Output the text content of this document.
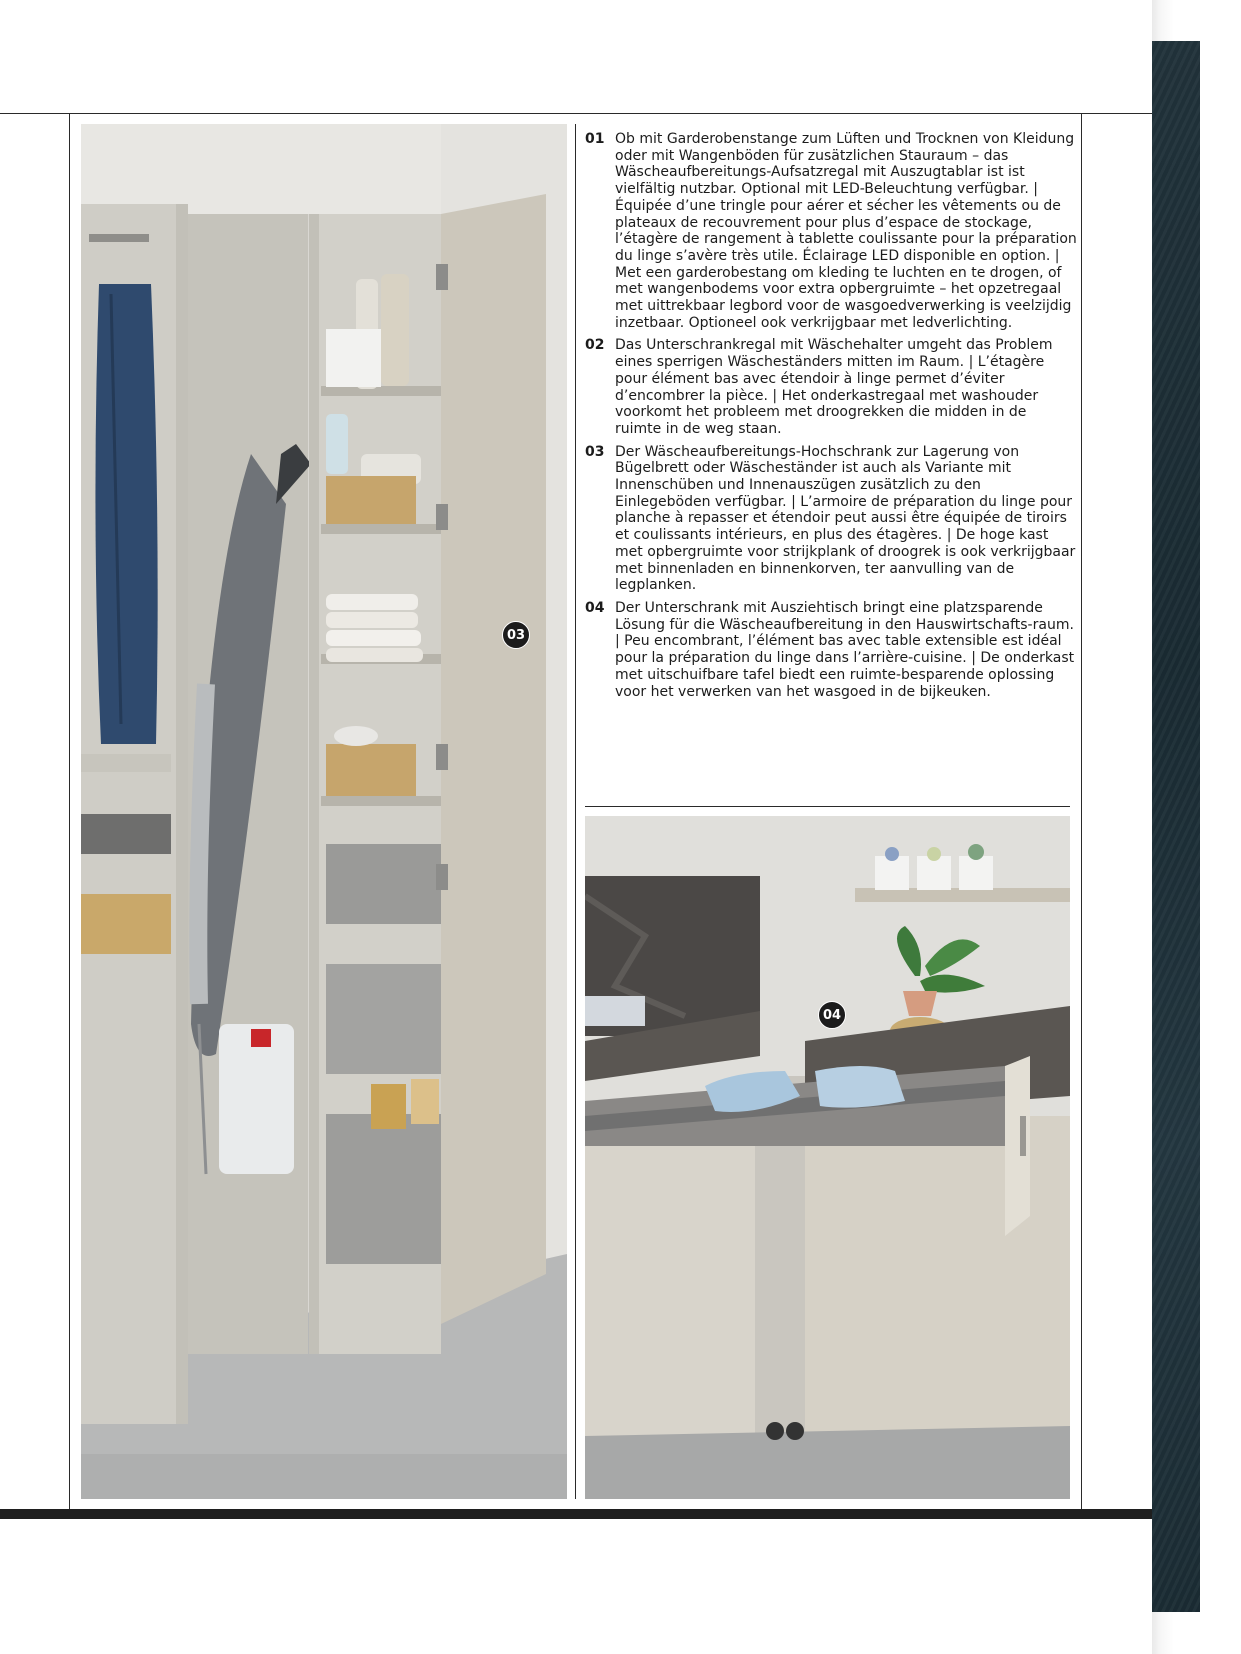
03
04
01 Ob mit Garderobenstange zum Lüften und Trocknen von Kleidung oder mit Wangenböden für zusätzlichen Stauraum – das Wäscheaufbereitungs-Aufsatzregal mit Auszugtablar ist ist vielfältig nutzbar. Optional mit LED-Beleuchtung verfügbar. | Équipée d’une tringle pour aérer et sécher les vêtements ou de plateaux de recouvrement pour plus d’espace de stockage, l’étagère de rangement à tablette coulissante pour la préparation du linge s’avère très utile. Éclairage LED disponible en option. | Met een garderobestang om kleding te luchten en te drogen, of met wangenbodems voor extra opbergruimte – het opzetregaal met uittrekbaar legbord voor de wasgoedverwerking is veelzijdig inzetbaar. Optioneel ook verkrijgbaar met ledverlichting.
02 Das Unterschrankregal mit Wäschehalter umgeht das Problem eines sperrigen Wäscheständers mitten im Raum. | L’étagère pour élément bas avec étendoir à linge permet d’éviter d’encombrer la pièce. | Het onderkastregaal met washouder voorkomt het probleem met droogrekken die midden in de ruimte in de weg staan.
03 Der Wäscheaufbereitungs-Hochschrank zur Lagerung von Bügelbrett oder Wäscheständer ist auch als Variante mit Innenschüben und Innenauszügen zusätzlich zu den Einlegeböden verfügbar. | L’armoire de préparation du linge pour planche à repasser et étendoir peut aussi être équipée de tiroirs et coulissants intérieurs, en plus des étagères. | De hoge kast met opbergruimte voor strijkplank of droogrek is ook verkrijgbaar met binnenladen en binnenkorven, ter aanvulling van de legplanken.
04 Der Unterschrank mit Ausziehtisch bringt eine platzsparende Lösung für die Wäscheaufbereitung in den Hauswirtschafts-raum. | Peu encombrant, l’élément bas avec table extensible est idéal pour la préparation du linge dans l’arrière-cuisine. | De onderkast met uitschuifbare tafel biedt een ruimte-besparende oplossing voor het verwerken van het wasgoed in de bijkeuken.
